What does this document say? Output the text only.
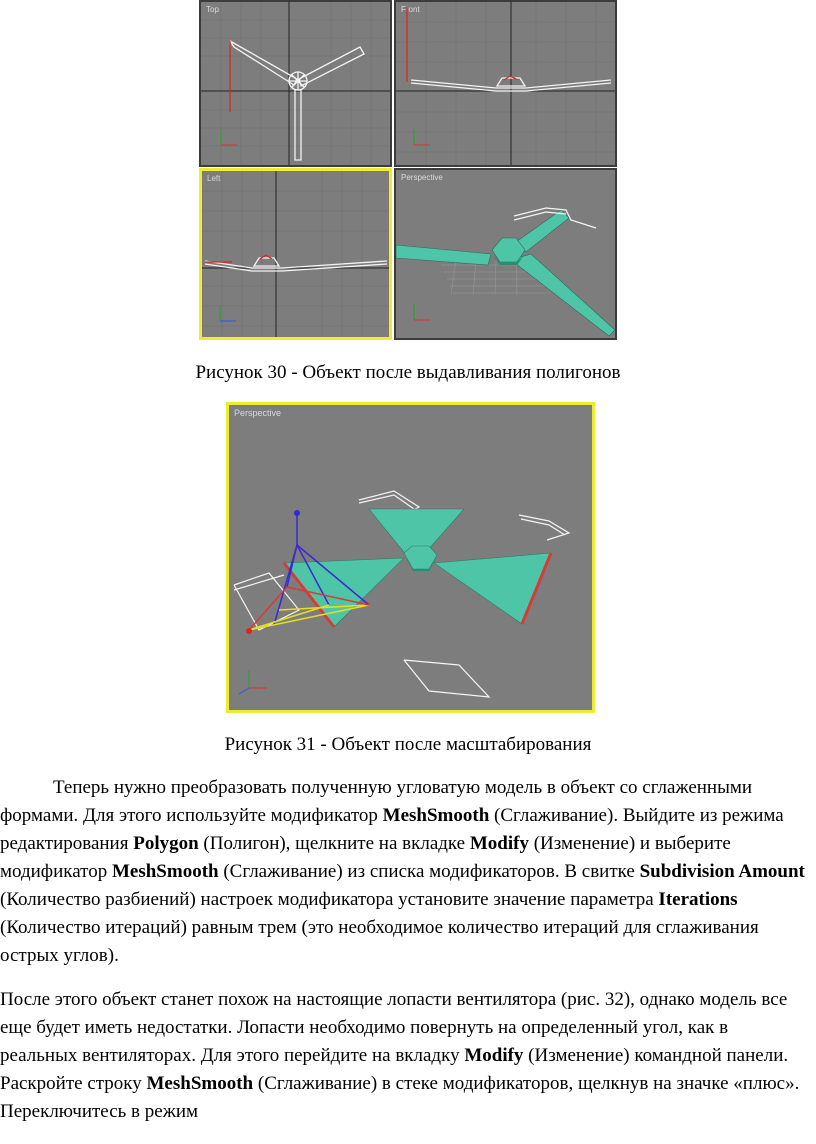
Top	Front
Left	Perspective
Рисунок 30 - Объект после выдавливания полигонов
Perspective
Рисунок 31 - Объект после масштабирования
Теперь нужно преобразовать полученную угловатую модель в объект со сглаженными формами. Для этого используйте модификатор MeshSmooth (Сглаживание). Выйдите из режима редактирования Polygon (Полигон), щелкните на вкладке Modify (Изменение) и выберите модификатор MeshSmooth (Сглаживание) из списка модификаторов. В свитке Subdivision Amount (Количество разбиений) настроек модификатора установите значение параметра Iterations (Количество итераций) равным трем (это необходимое количество итераций для сглаживания острых углов).
После этого объект станет похож на настоящие лопасти вентилятора (рис. 32), однако модель все еще будет иметь недостатки. Лопасти необходимо повернуть на определенный угол, как в реальных вентиляторах. Для этого перейдите на вкладку Modify (Изменение) командной панели. Раскройте строку MeshSmooth (Сглаживание) в стеке модификаторов, щелкнув на значке «плюс». Переключитесь в режим
